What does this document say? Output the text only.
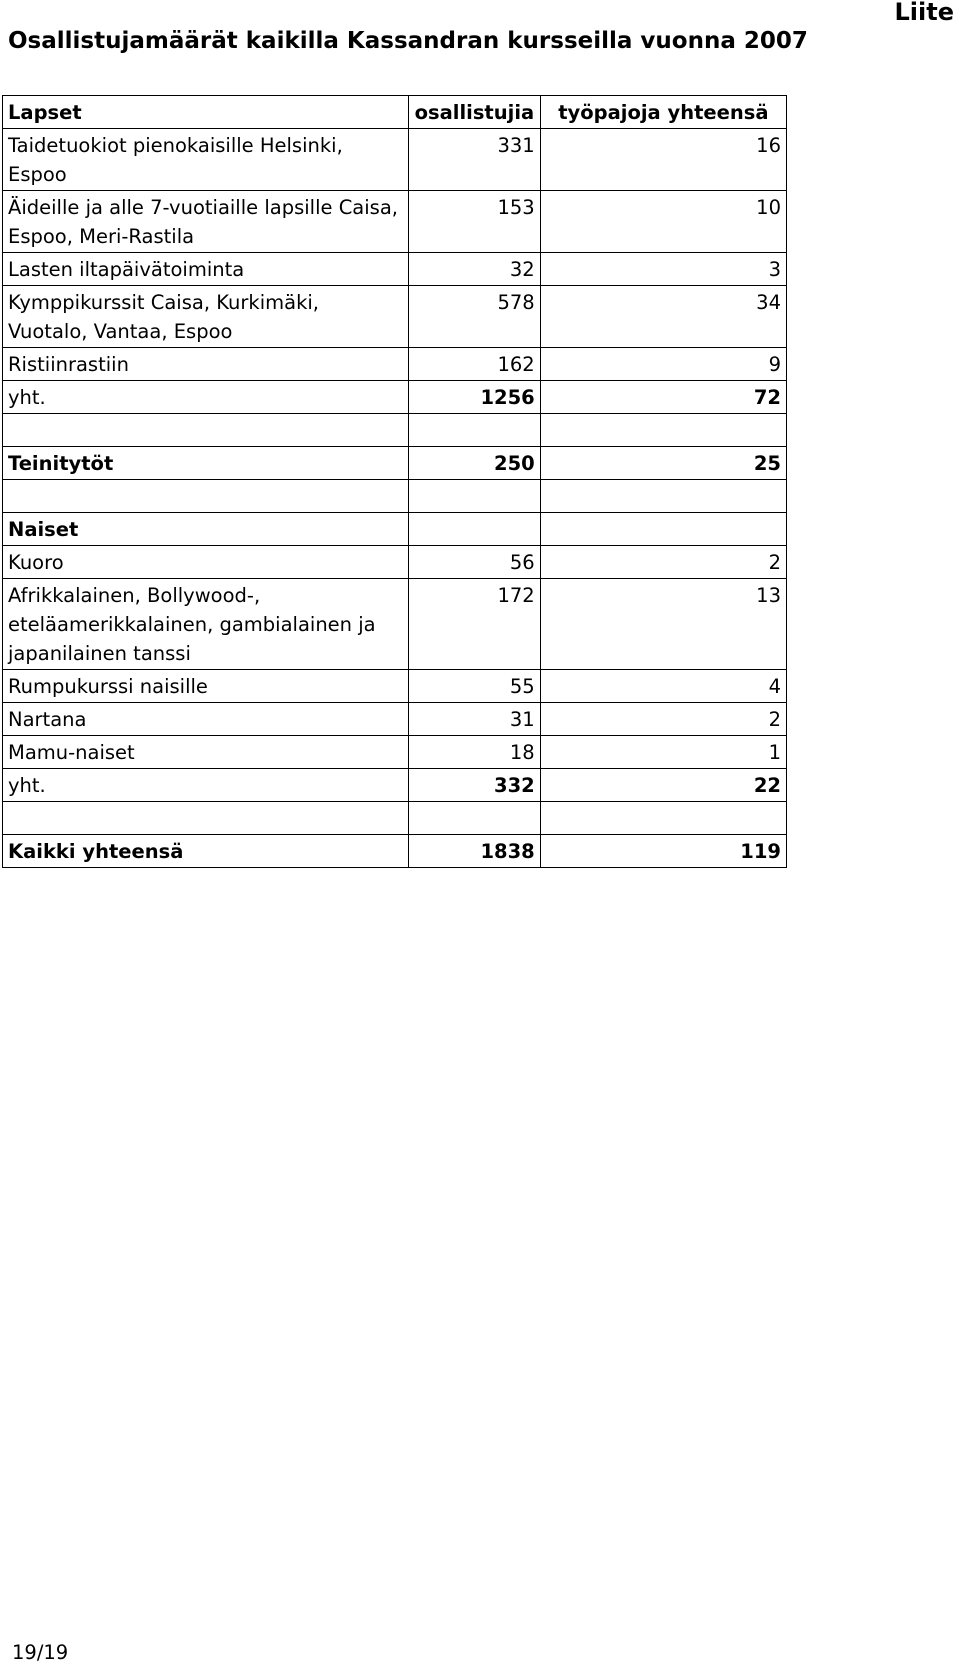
Osallistujamäärät kaikilla Kassandran kursseilla vuonna 2007
Liite
Lapset	osallistujia	työpajoja yhteensä
Taidetuokiot pienokaisille Helsinki, Espoo	331	16
Äideille ja alle 7-vuotiaille lapsille Caisa, Espoo, Meri-Rastila	153	10
Lasten iltapäivätoiminta	32	3
Kymppikurssit Caisa, Kurkimäki, Vuotalo, Vantaa, Espoo	578	34
Ristiinrastiin	162	9
yht.	1256	72

Teinitytöt	250	25

Naiset		
Kuoro	56	2
Afrikkalainen, Bollywood-, eteläamerikkalainen, gambialainen ja japanilainen tanssi	172	13
Rumpukurssi naisille	55	4
Nartana	31	2
Mamu-naiset	18	1
yht.	332	22

Kaikki yhteensä	1838	119
19/19
